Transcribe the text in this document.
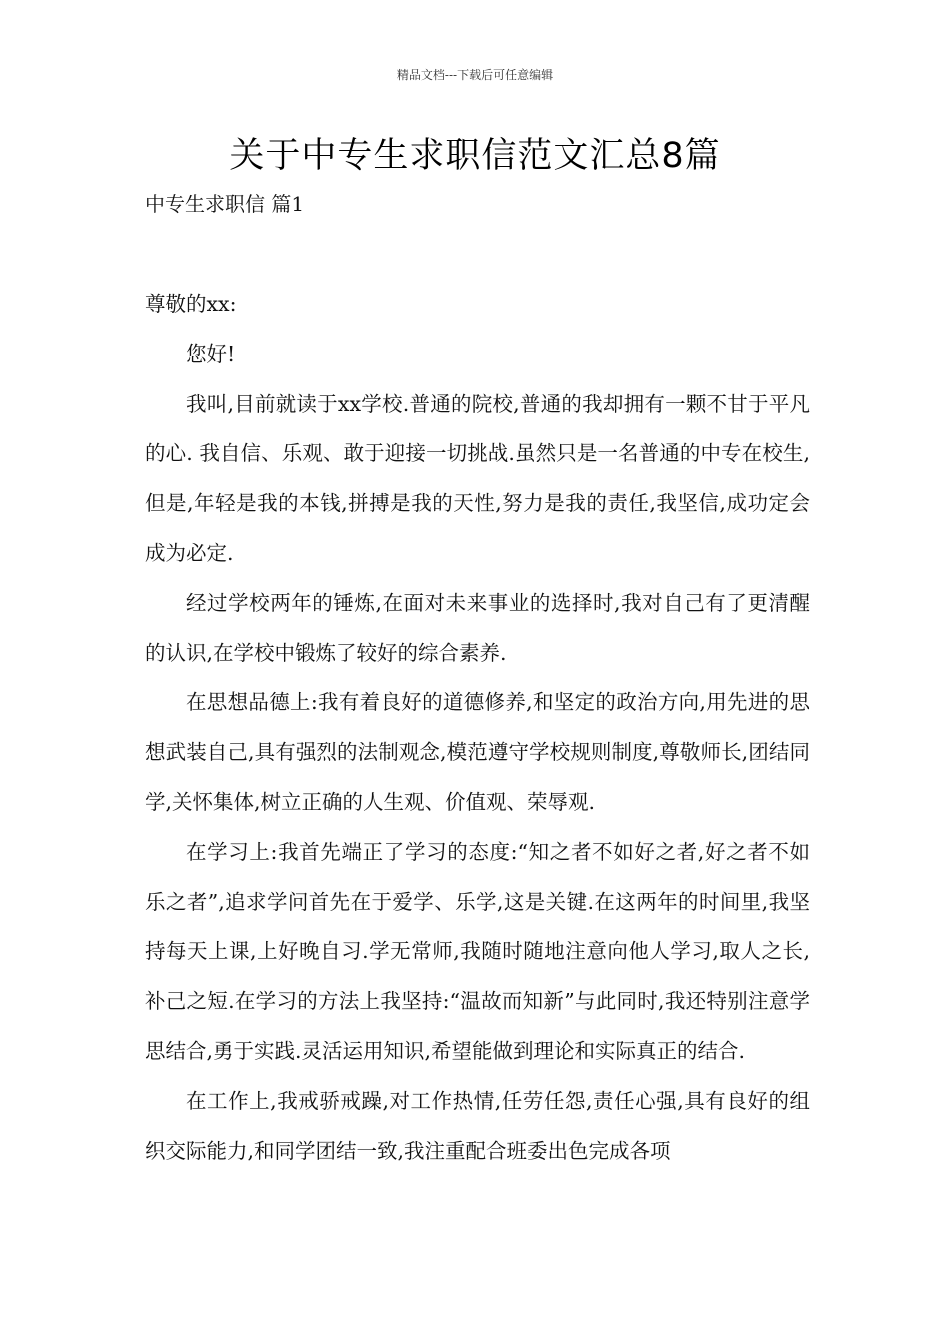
精品文档---下载后可任意编辑
关于中专生求职信范文汇总8篇
中专生求职信 篇1

尊敬的xx:

您好!

我叫,目前就读于xx学校.普通的院校,普通的我却拥有一颗不甘于平凡的心. 我自信、乐观、敢于迎接一切挑战.虽然只是一名普通的中专在校生,但是,年轻是我的本钱,拼搏是我的天性,努力是我的责任,我坚信,成功定会成为必定.

经过学校两年的锤炼,在面对未来事业的选择时,我对自己有了更清醒的认识,在学校中锻炼了较好的综合素养.

在思想品德上:我有着良好的道德修养,和坚定的政治方向,用先进的思想武装自己,具有强烈的法制观念,模范遵守学校规则制度,尊敬师长,团结同学,关怀集体,树立正确的人生观、价值观、荣辱观.

在学习上:我首先端正了学习的态度:“知之者不如好之者,好之者不如乐之者”,追求学问首先在于爱学、乐学,这是关键.在这两年的时间里,我坚持每天上课,上好晚自习.学无常师,我随时随地注意向他人学习,取人之长,补己之短.在学习的方法上我坚持:“温故而知新”与此同时,我还特别注意学思结合,勇于实践.灵活运用知识,希望能做到理论和实际真正的结合.

在工作上,我戒骄戒躁,对工作热情,任劳任怨,责任心强,具有良好的组织交际能力,和同学团结一致,我注重配合班委出色完成各项
